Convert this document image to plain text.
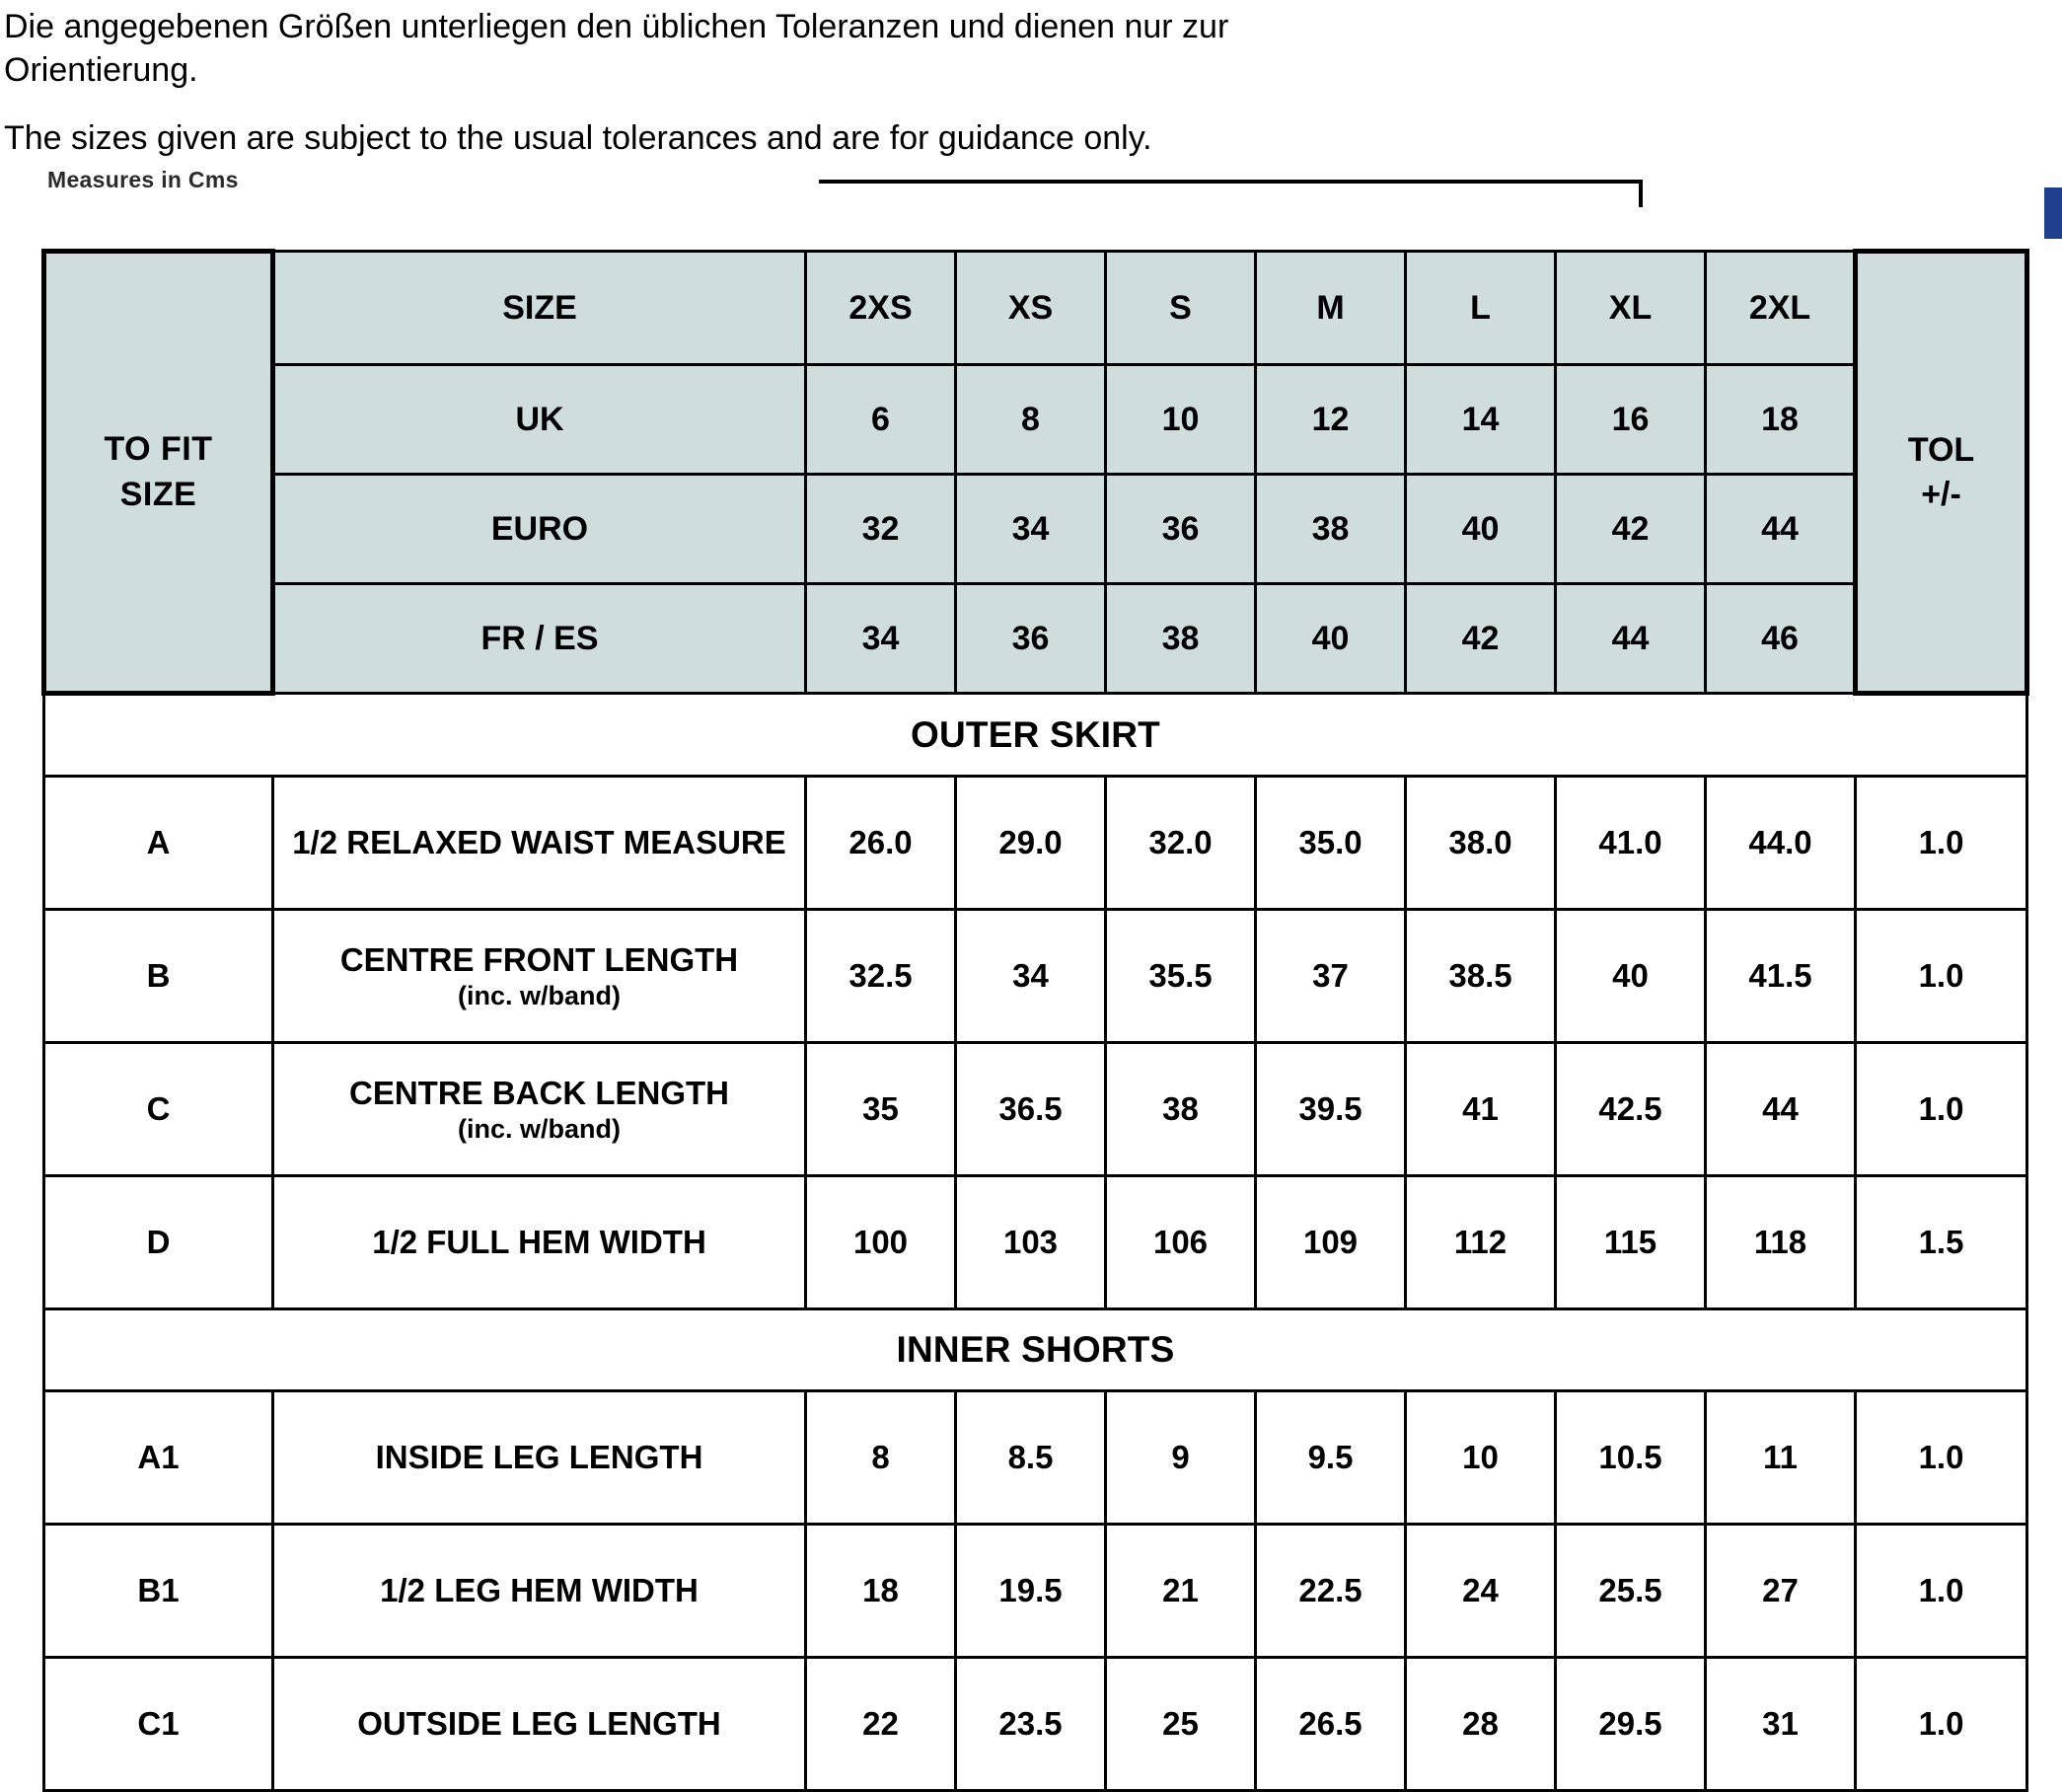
Die angegebenen Größen unterliegen den üblichen Toleranzen und dienen nur zur

Orientierung.

The sizes given are subject to the usual tolerances and are for guidance only.

Measures in Cms
TO FIT
SIZE
	SIZE	2XS	XS	S	M	L	XL	2XL	
TOL
+/-

	UK	6	8	10	12	14	16	18	
	EURO	32	34	36	38	40	42	44	
	FR / ES	34	36	38	40	42	44	46	
OUTER SKIRT									
A	1/2 RELAXED WAIST MEASURE	26.0	29.0	32.0	35.0	38.0	41.0	44.0	1.0
B	CENTRE FRONT LENGTH
(inc. w/band)	32.5	34	35.5	37	38.5	40	41.5	1.0
C	CENTRE BACK LENGTH
(inc. w/band)	35	36.5	38	39.5	41	42.5	44	1.0
D	1/2 FULL HEM WIDTH	100	103	106	109	112	115	118	1.5
INNER SHORTS									
A1	INSIDE LEG LENGTH	8	8.5	9	9.5	10	10.5	11	1.0
B1	1/2 LEG HEM WIDTH	18	19.5	21	22.5	24	25.5	27	1.0
C1	OUTSIDE LEG LENGTH	22	23.5	25	26.5	28	29.5	31	1.0
